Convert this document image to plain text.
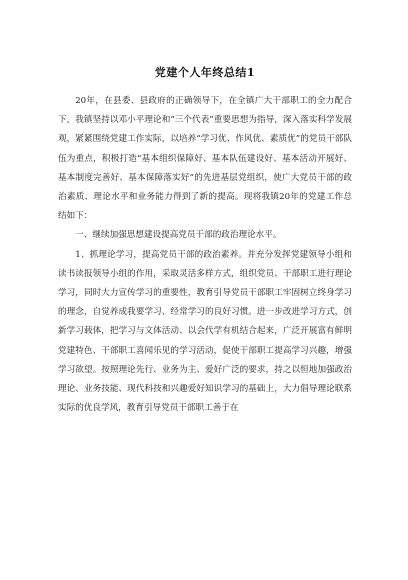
党建个人年终总结1

20年，在县委、县政府的正确领导下，在全镇广大干部职工的全力配合下，我镇坚持以邓小平理论和“三个代表”重要思想为指导，深入落实科学发展观，紧紧围绕党建工作实际，以培养“学习优、作风优、素质优”的党员干部队伍为重点，积极打造“基本组织保障好、基本队伍建设好、基本活动开展好、基本制度完善好、基本保障落实好”的先进基层党组织，使广大党员干部的政治素质、理论水平和业务能力得到了新的提高。现将我镇20年的党建工作总结如下：

一、继续加强思想建设提高党员干部的政治理论水平。

1、抓理论学习，提高党员干部的政治素养。并充分发挥党建领导小组和读书读报领导小组的作用，采取灵活多样方式，组织党员、干部职工进行理论学习，同时大力宣传学习的重要性，教育引导党员干部职工牢固树立终身学习的理念，自觉养成我要学习、经常学习的良好习惯。进一步改进学习方式，创新学习载体，把学习与文体活动、以会代学有机结合起来，广泛开展富有鲜明党建特色、干部职工喜闻乐见的学习活动，促使干部职工提高学习兴趣，增强学习欲望。按照理论先行、业务为主、爱好广泛的要求，持之以恒地加强政治理论、业务技能、现代科技和兴趣爱好知识学习的基础上，大力倡导理论联系实际的优良学风，教育引导党员干部职工善于在
